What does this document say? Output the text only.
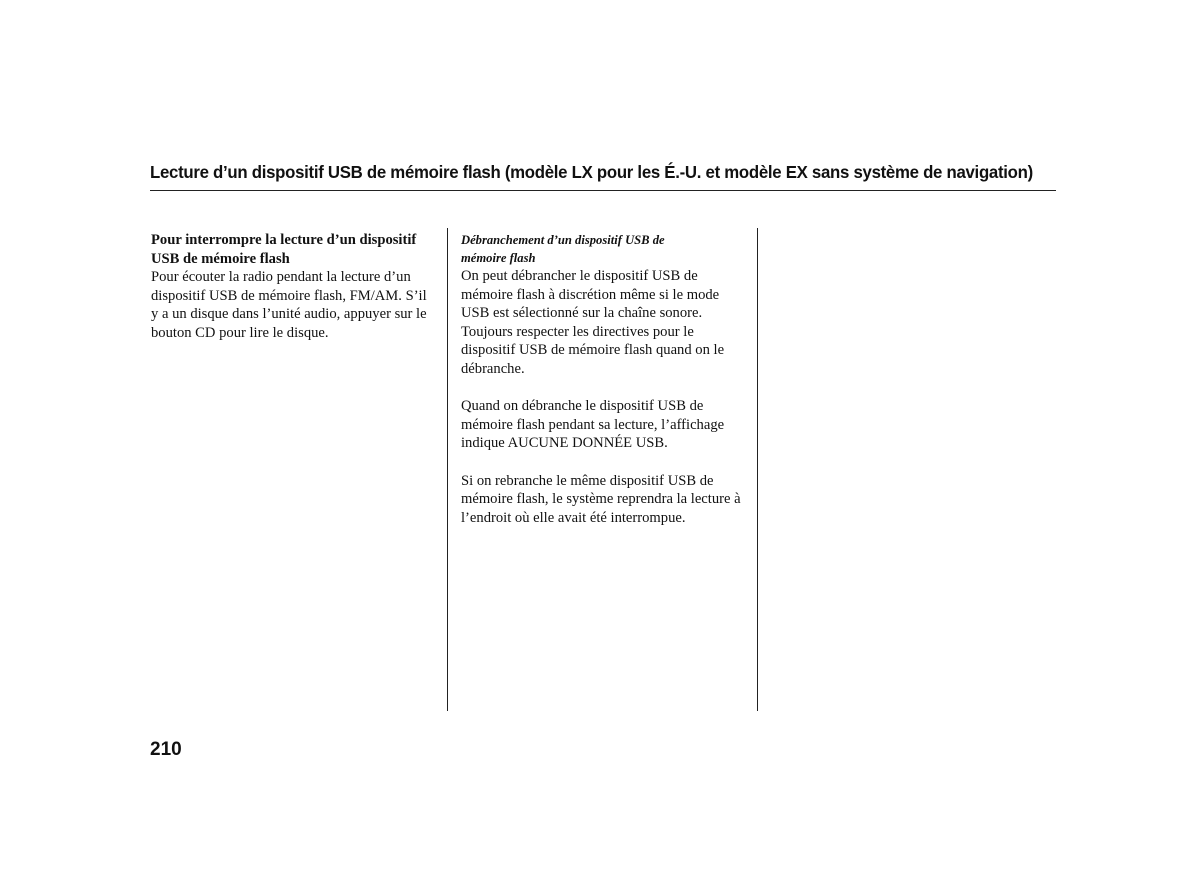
Lecture d’un dispositif USB de mémoire flash (modèle LX pour les É.-U. et modèle EX sans système de navigation)

Pour interrompre la lecture d’un dispositif USB de mémoire flash

Pour écouter la radio pendant la lecture d’un dispositif USB de mémoire flash, FM/AM. S’il y a un disque dans l’unité audio, appuyer sur le bouton CD pour lire le disque.

Débranchement d’un dispositif USB de mémoire flash

On peut débrancher le dispositif USB de mémoire flash à discrétion même si le mode USB est sélectionné sur la chaîne sonore. Toujours respecter les directives pour le dispositif USB de mémoire flash quand on le débranche.

Quand on débranche le dispositif USB de mémoire flash pendant sa lecture, l’affichage indique AUCUNE DONNÉE USB.

Si on rebranche le même dispositif USB de mémoire flash, le système reprendra la lecture à l’endroit où elle avait été interrompue.

210
